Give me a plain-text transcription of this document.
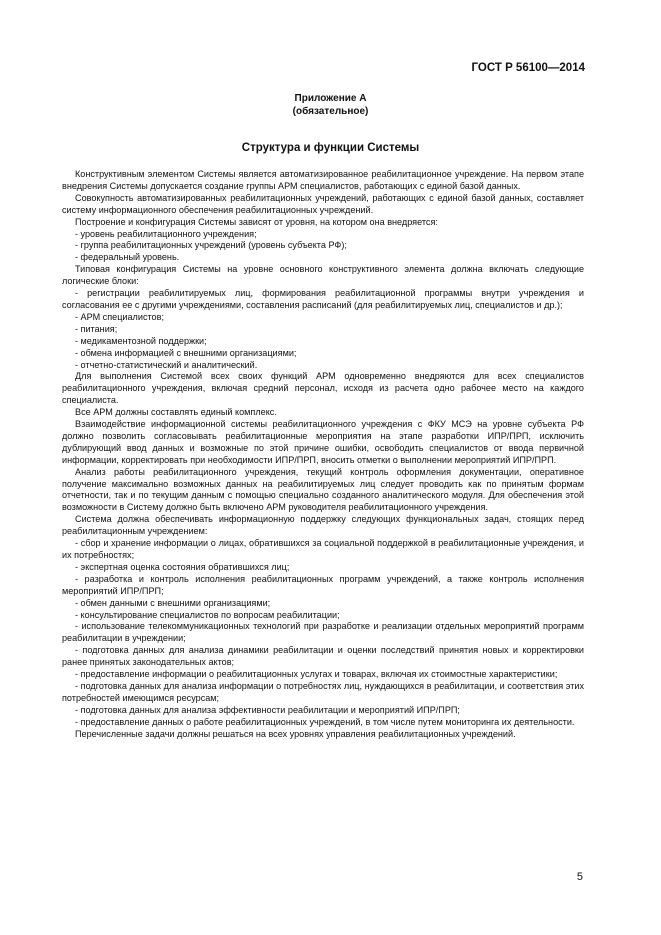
ГОСТ Р 56100—2014
Приложение А
(обязательное)
Структура и функции Системы

Конструктивным элементом Системы является автоматизированное реабилитационное учреждение. На первом этапе внедрения Системы допускается создание группы АРМ специалистов, работающих с единой базой данных.

Совокупность автоматизированных реабилитационных учреждений, работающих с единой базой данных, составляет систему информационного обеспечения реабилитационных учреждений.

Построение и конфигурация Системы зависят от уровня, на котором она внедряется:

- уровень реабилитационного учреждения;

- группа реабилитационных учреждений (уровень субъекта РФ);

- федеральный уровень.

Типовая конфигурация Системы на уровне основного конструктивного элемента должна включать следующие логические блоки:

- регистрации реабилитируемых лиц, формирования реабилитационной программы внутри учреждения и согласования ее с другими учреждениями, составления расписаний (для реабилитируемых лиц, специалистов и др.);

- АРМ специалистов;

- питания;

- медикаментозной поддержки;

- обмена информацией с внешними организациями;

- отчетно-статистический и аналитический.

Для выполнения Системой всех своих функций АРМ одновременно внедряются для всех специалистов реабилитационного учреждения, включая средний персонал, исходя из расчета одно рабочее место на каждого специалиста.

Все АРМ должны составлять единый комплекс.

Взаимодействие информационной системы реабилитационного учреждения с ФКУ МСЭ на уровне субъекта РФ должно позволить согласовывать реабилитационные мероприятия на этапе разработки ИПР/ПРП, исключить дублирующий ввод данных и возможные по этой причине ошибки, освободить специалистов от ввода первичной информации, корректировать при необходимости ИПР/ПРП, вносить отметки о выполнении мероприятий ИПР/ПРП.

Анализ работы реабилитационного учреждения, текущий контроль оформления документации, оперативное получение максимально возможных данных на реабилитируемых лиц следует проводить как по принятым формам отчетности, так и по текущим данным с помощью специально созданного аналитического модуля. Для обеспечения этой возможности в Систему должно быть включено АРМ руководителя реабилитационного учреждения.

Система должна обеспечивать информационную поддержку следующих функциональных задач, стоящих перед реабилитационным учреждением:

- сбор и хранение информации о лицах, обратившихся за социальной поддержкой в реабилитационные учреждения, и их потребностях;

- экспертная оценка состояния обратившихся лиц;

- разработка и контроль исполнения реабилитационных программ учреждений, а также контроль исполнения мероприятий ИПР/ПРП;

- обмен данными с внешними организациями;

- консультирование специалистов по вопросам реабилитации;

- использование телекоммуникационных технологий при разработке и реализации отдельных мероприятий программ реабилитации в учреждении;

- подготовка данных для анализа динамики реабилитации и оценки последствий принятия новых и корректировки ранее принятых законодательных актов;

- предоставление информации о реабилитационных услугах и товарах, включая их стоимостные характеристики;

- подготовка данных для анализа информации о потребностях лиц, нуждающихся в реабилитации, и соответствия этих потребностей имеющимся ресурсам;

- подготовка данных для анализа эффективности реабилитации и мероприятий ИПР/ПРП;

- предоставление данных о работе реабилитационных учреждений, в том числе путем мониторинга их деятельности.

Перечисленные задачи должны решаться на всех уровнях управления реабилитационных учреждений.

5
